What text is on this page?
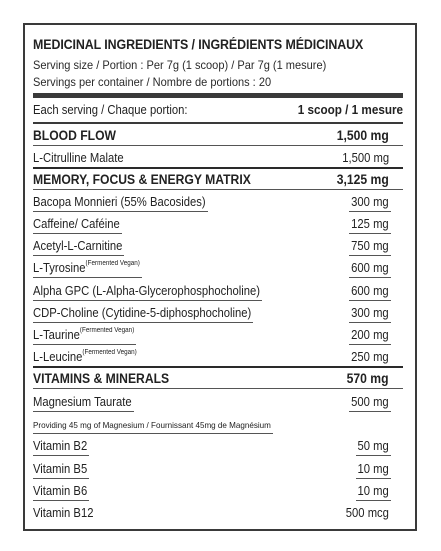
MEDICINAL INGREDIENTS / INGRÉDIENTS MÉDICINAUX
Serving size / Portion : Per 7g (1 scoop) / Par 7g (1 mesure)
Servings per container / Nombre de portions : 20
Each serving / Chaque portion:	1 scoop / 1 mesure
BLOOD FLOW	1,500 mg
L-Citrulline Malate	1,500 mg
MEMORY, FOCUS & ENERGY MATRIX	3,125 mg
Bacopa Monnieri (55% Bacosides)	300 mg
Caffeine/ Caféine	125 mg
Acetyl-L-Carnitine	750 mg
L-Tyrosine$^{(Fermented Vegan)}$	600 mg
Alpha GPC (L-Alpha-Glycerophosphocholine)	600 mg
CDP-Choline (Cytidine-5-diphosphocholine)	300 mg
L-Taurine$^{(Fermented Vegan)}$	200 mg
L-Leucine$^{(Fermented Vegan)}$	250 mg
VITAMINS & MINERALS	570 mg
Magnesium Taurate	500 mg
Providing 45 mg of Magnesium / Fournissant 45mg de Magnésium
Vitamin B2	50 mg
Vitamin B5	10 mg
Vitamin B6	10 mg
Vitamin B12	500 mcg
